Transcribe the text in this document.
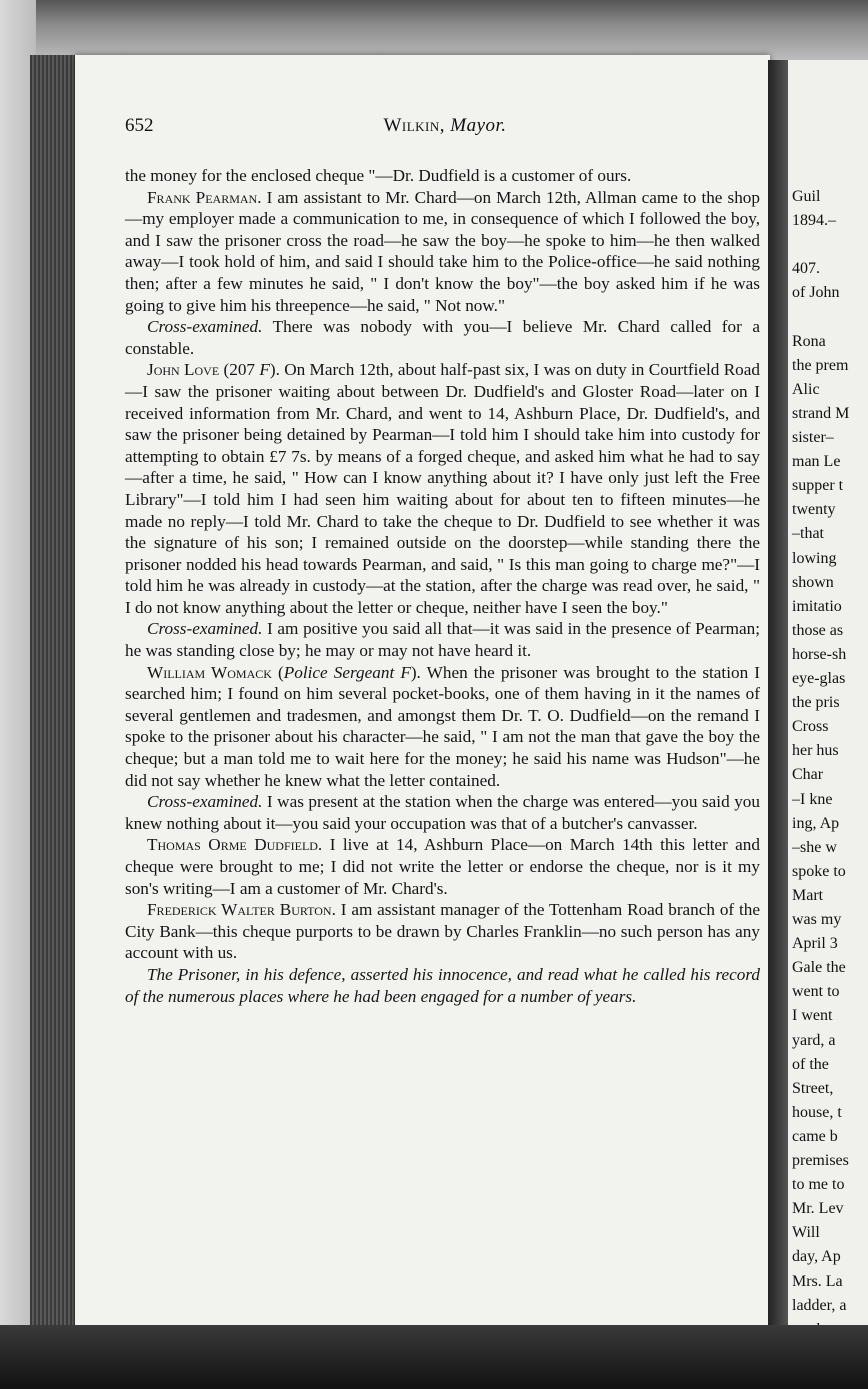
652	Wilkin, Mayor.

the money for the enclosed cheque "—Dr. Dudfield is a customer of ours.

Frank Pearman. I am assistant to Mr. Chard—on March 12th, Allman came to the shop—my employer made a communication to me, in consequence of which I followed the boy, and I saw the prisoner cross the road—he saw the boy—he spoke to him—he then walked away—I took hold of him, and said I should take him to the Police-office—he said nothing then; after a few minutes he said, " I don't know the boy"—the boy asked him if he was going to give him his threepence—he said, " Not now."

Cross-examined. There was nobody with you—I believe Mr. Chard called for a constable.

John Love (207 F). On March 12th, about half-past six, I was on duty in Courtfield Road—I saw the prisoner waiting about between Dr. Dudfield's and Gloster Road—later on I received information from Mr. Chard, and went to 14, Ashburn Place, Dr. Dudfield's, and saw the prisoner being detained by Pearman—I told him I should take him into custody for attempting to obtain £7 7s. by means of a forged cheque, and asked him what he had to say—after a time, he said, " How can I know anything about it? I have only just left the Free Library"—I told him I had seen him waiting about for about ten to fifteen minutes—he made no reply—I told Mr. Chard to take the cheque to Dr. Dudfield to see whether it was the signature of his son; I remained outside on the doorstep—while standing there the prisoner nodded his head towards Pearman, and said, " Is this man going to charge me?"—I told him he was already in custody—at the station, after the charge was read over, he said, " I do not know anything about the letter or cheque, neither have I seen the boy."

Cross-examined. I am positive you said all that—it was said in the presence of Pearman; he was standing close by; he may or may not have heard it.

William Womack (Police Sergeant F). When the prisoner was brought to the station I searched him; I found on him several pocket-books, one of them having in it the names of several gentlemen and tradesmen, and amongst them Dr. T. O. Dudfield—on the remand I spoke to the prisoner about his character—he said, " I am not the man that gave the boy the cheque; but a man told me to wait here for the money; he said his name was Hudson"—he did not say whether he knew what the letter contained.

Cross-examined. I was present at the station when the charge was entered—you said you knew nothing about it—you said your occupation was that of a butcher's canvasser.

Thomas Orme Dudfield. I live at 14, Ashburn Place—on March 14th this letter and cheque were brought to me; I did not write the letter or endorse the cheque, nor is it my son's writing—I am a customer of Mr. Chard's.

Frederick Walter Burton. I am assistant manager of the Tottenham Road branch of the City Bank—this cheque purports to be drawn by Charles Franklin—no such person has any account with us.

The Prisoner, in his defence, asserted his innocence, and read what he called his record of the numerous places where he had been engaged for a number of years.

Guil
1894.–
407.
of John
Rona
the prem
Alic
strand M
sister–
man Le
supper t
twenty
–that
lowing
shown
imitatio
those as
horse-sh
eye-glas
the pris
Cross
her hus
Char
–I kne
ing, Ap
–she w
spoke to
Mart
was my
April 3
Gale the
went to
I went
yard, a
of the
Street,
house, t
came b
premises
to me to
Mr. Lev
Will
day, Ap
Mrs. La
ladder, a
